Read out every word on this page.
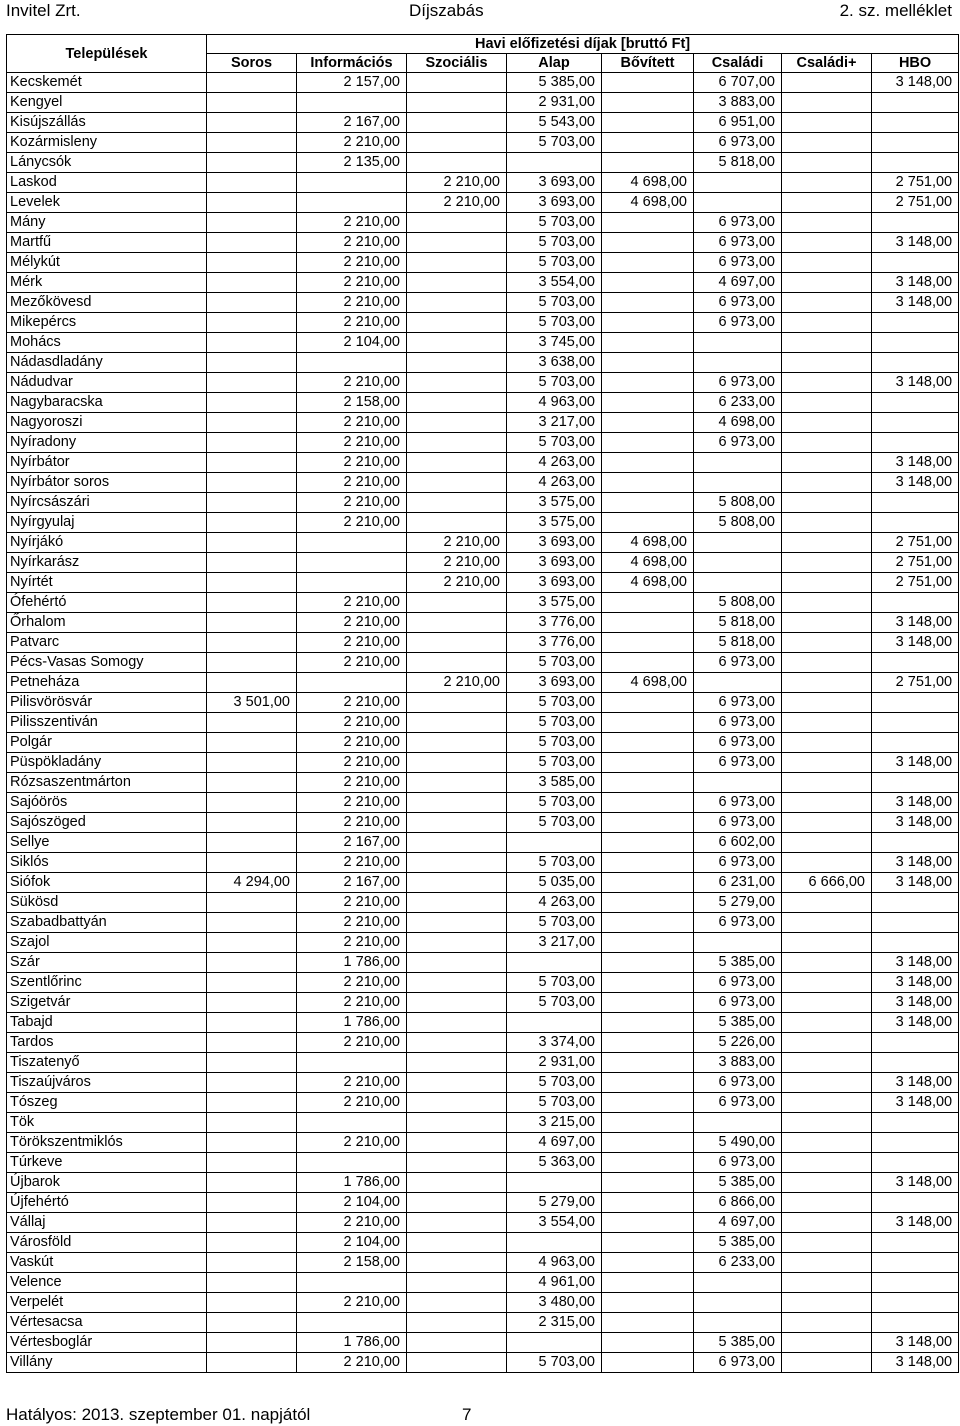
Invitel Zrt.	Díjszabás	2. sz. melléklet
Települések	Havi előfizetési díjak [bruttó Ft]							
	Soros	Információs	Szociális	Alap	Bővített	Családi	Családi+	HBO
Kecskemét		2 157,00		5 385,00		6 707,00		3 148,00
Kengyel				2 931,00		3 883,00		
Kisújszállás		2 167,00		5 543,00		6 951,00		
Kozármisleny		2 210,00		5 703,00		6 973,00		
Lánycsók		2 135,00				5 818,00		
Laskod			2 210,00	3 693,00	4 698,00			2 751,00
Levelek			2 210,00	3 693,00	4 698,00			2 751,00
Mány		2 210,00		5 703,00		6 973,00		
Martfű		2 210,00		5 703,00		6 973,00		3 148,00
Mélykút		2 210,00		5 703,00		6 973,00		
Mérk		2 210,00		3 554,00		4 697,00		3 148,00
Mezőkövesd		2 210,00		5 703,00		6 973,00		3 148,00
Mikepércs		2 210,00		5 703,00		6 973,00		
Mohács		2 104,00		3 745,00				
Nádasdladány				3 638,00				
Nádudvar		2 210,00		5 703,00		6 973,00		3 148,00
Nagybaracska		2 158,00		4 963,00		6 233,00		
Nagyoroszi		2 210,00		3 217,00		4 698,00		
Nyíradony		2 210,00		5 703,00		6 973,00		
Nyírbátor		2 210,00		4 263,00				3 148,00
Nyírbátor soros		2 210,00		4 263,00				3 148,00
Nyírcsászári		2 210,00		3 575,00		5 808,00		
Nyírgyulaj		2 210,00		3 575,00		5 808,00		
Nyírjákó			2 210,00	3 693,00	4 698,00			2 751,00
Nyírkarász			2 210,00	3 693,00	4 698,00			2 751,00
Nyírtét			2 210,00	3 693,00	4 698,00			2 751,00
Ófehértó		2 210,00		3 575,00		5 808,00		
Őrhalom		2 210,00		3 776,00		5 818,00		3 148,00
Patvarc		2 210,00		3 776,00		5 818,00		3 148,00
Pécs-Vasas Somogy		2 210,00		5 703,00		6 973,00		
Petneháza			2 210,00	3 693,00	4 698,00			2 751,00
Pilisvörösvár	3 501,00	2 210,00		5 703,00		6 973,00		
Pilisszentiván		2 210,00		5 703,00		6 973,00		
Polgár		2 210,00		5 703,00		6 973,00		
Püspökladány		2 210,00		5 703,00		6 973,00		3 148,00
Rózsaszentmárton		2 210,00		3 585,00				
Sajóörös		2 210,00		5 703,00		6 973,00		3 148,00
Sajószöged		2 210,00		5 703,00		6 973,00		3 148,00
Sellye		2 167,00				6 602,00		
Siklós		2 210,00		5 703,00		6 973,00		3 148,00
Siófok	4 294,00	2 167,00		5 035,00		6 231,00	6 666,00	3 148,00
Sükösd		2 210,00		4 263,00		5 279,00		
Szabadbattyán		2 210,00		5 703,00		6 973,00		
Szajol		2 210,00		3 217,00				
Szár		1 786,00				5 385,00		3 148,00
Szentlőrinc		2 210,00		5 703,00		6 973,00		3 148,00
Szigetvár		2 210,00		5 703,00		6 973,00		3 148,00
Tabajd		1 786,00				5 385,00		3 148,00
Tardos		2 210,00		3 374,00		5 226,00		
Tiszatenyő				2 931,00		3 883,00		
Tiszaújváros		2 210,00		5 703,00		6 973,00		3 148,00
Tószeg		2 210,00		5 703,00		6 973,00		3 148,00
Tök				3 215,00				
Törökszentmiklós		2 210,00		4 697,00		5 490,00		
Túrkeve				5 363,00		6 973,00		
Újbarok		1 786,00				5 385,00		3 148,00
Újfehértó		2 104,00		5 279,00		6 866,00		
Vállaj		2 210,00		3 554,00		4 697,00		3 148,00
Városföld		2 104,00				5 385,00		
Vaskút		2 158,00		4 963,00		6 233,00		
Velence				4 961,00				
Verpelét		2 210,00		3 480,00				
Vértesacsa				2 315,00				
Vértesboglár		1 786,00				5 385,00		3 148,00
Villány		2 210,00		5 703,00		6 973,00		3 148,00
Hatályos: 2013. szeptember 01. napjától	7
